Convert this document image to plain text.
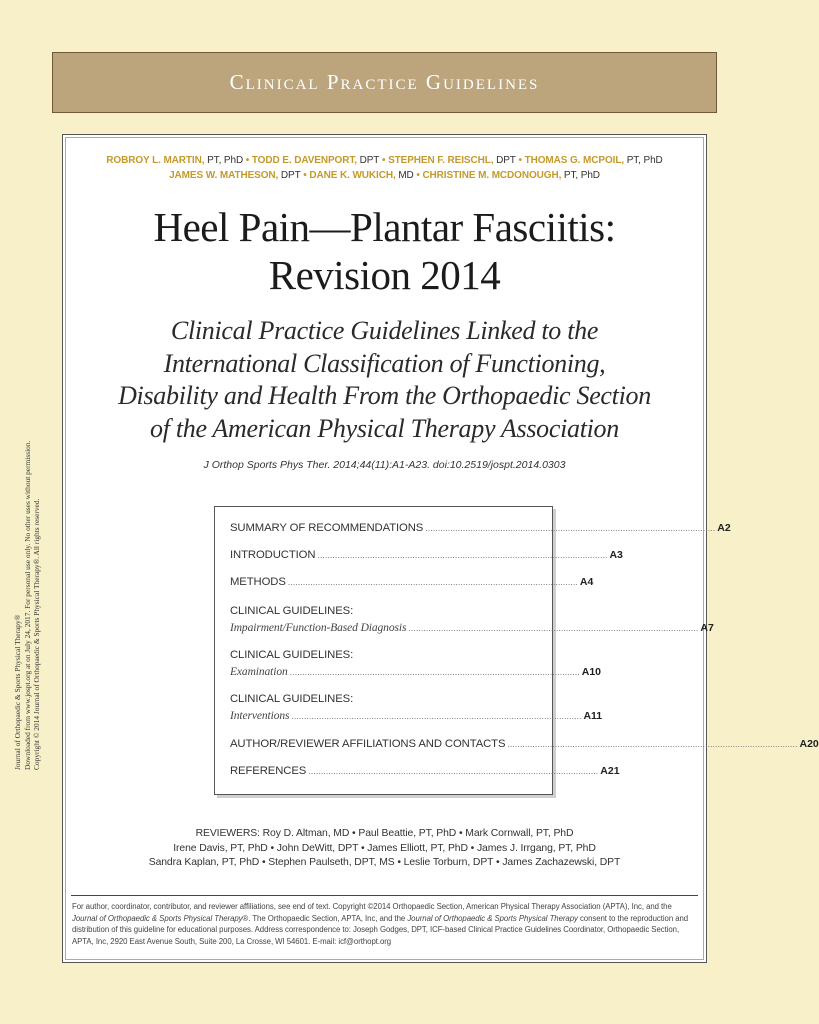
Clinical Practice Guidelines
Journal of Orthopaedic & Sports Physical Therapy® Downloaded from www.jospt.org at on July 24, 2017. For personal use only. No other uses without permission. Copyright © 2014 Journal of Orthopaedic & Sports Physical Therapy®. All rights reserved.
ROBROY L. MARTIN, PT, PhD • TODD E. DAVENPORT, DPT • STEPHEN F. REISCHL, DPT • THOMAS G. MCPOIL, PT, PhD
JAMES W. MATHESON, DPT • DANE K. WUKICH, MD • CHRISTINE M. MCDONOUGH, PT, PhD
Heel Pain—Plantar Fasciitis:
Revision 2014
Clinical Practice Guidelines Linked to the
International Classification of Functioning,
Disability and Health From the Orthopaedic Section
of the American Physical Therapy Association
J Orthop Sports Phys Ther. 2014;44(11):A1-A23. doi:10.2519/jospt.2014.0303
SUMMARY OF RECOMMENDATIONS .................................................................................................................... A2
INTRODUCTION .................................................................................................................... A3
METHODS .................................................................................................................... A4
CLINICAL GUIDELINES:
Impairment/Function-Based Diagnosis .................................................................................................................... A7
CLINICAL GUIDELINES:
Examination .................................................................................................................... A10
CLINICAL GUIDELINES:
Interventions .................................................................................................................... A11
AUTHOR/REVIEWER AFFILIATIONS AND CONTACTS .................................................................................................................... A20
REFERENCES .................................................................................................................... A21
REVIEWERS: Roy D. Altman, MD • Paul Beattie, PT, PhD • Mark Cornwall, PT, PhD
Irene Davis, PT, PhD • John DeWitt, DPT • James Elliott, PT, PhD • James J. Irrgang, PT, PhD
Sandra Kaplan, PT, PhD • Stephen Paulseth, DPT, MS • Leslie Torburn, DPT • James Zachazewski, DPT
For author, coordinator, contributor, and reviewer affiliations, see end of text. Copyright ©2014 Orthopaedic Section, American Physical Therapy Association (APTA), Inc, and the Journal of Orthopaedic & Sports Physical Therapy®. The Orthopaedic Section, APTA, Inc, and the Journal of Orthopaedic & Sports Physical Therapy consent to the reproduction and distribution of this guideline for educational purposes. Address correspondence to: Joseph Godges, DPT, ICF-based Clinical Practice Guidelines Coordinator, Orthopaedic Section, APTA, Inc, 2920 East Avenue South, Suite 200, La Crosse, WI 54601. E-mail: icf@orthopt.org
